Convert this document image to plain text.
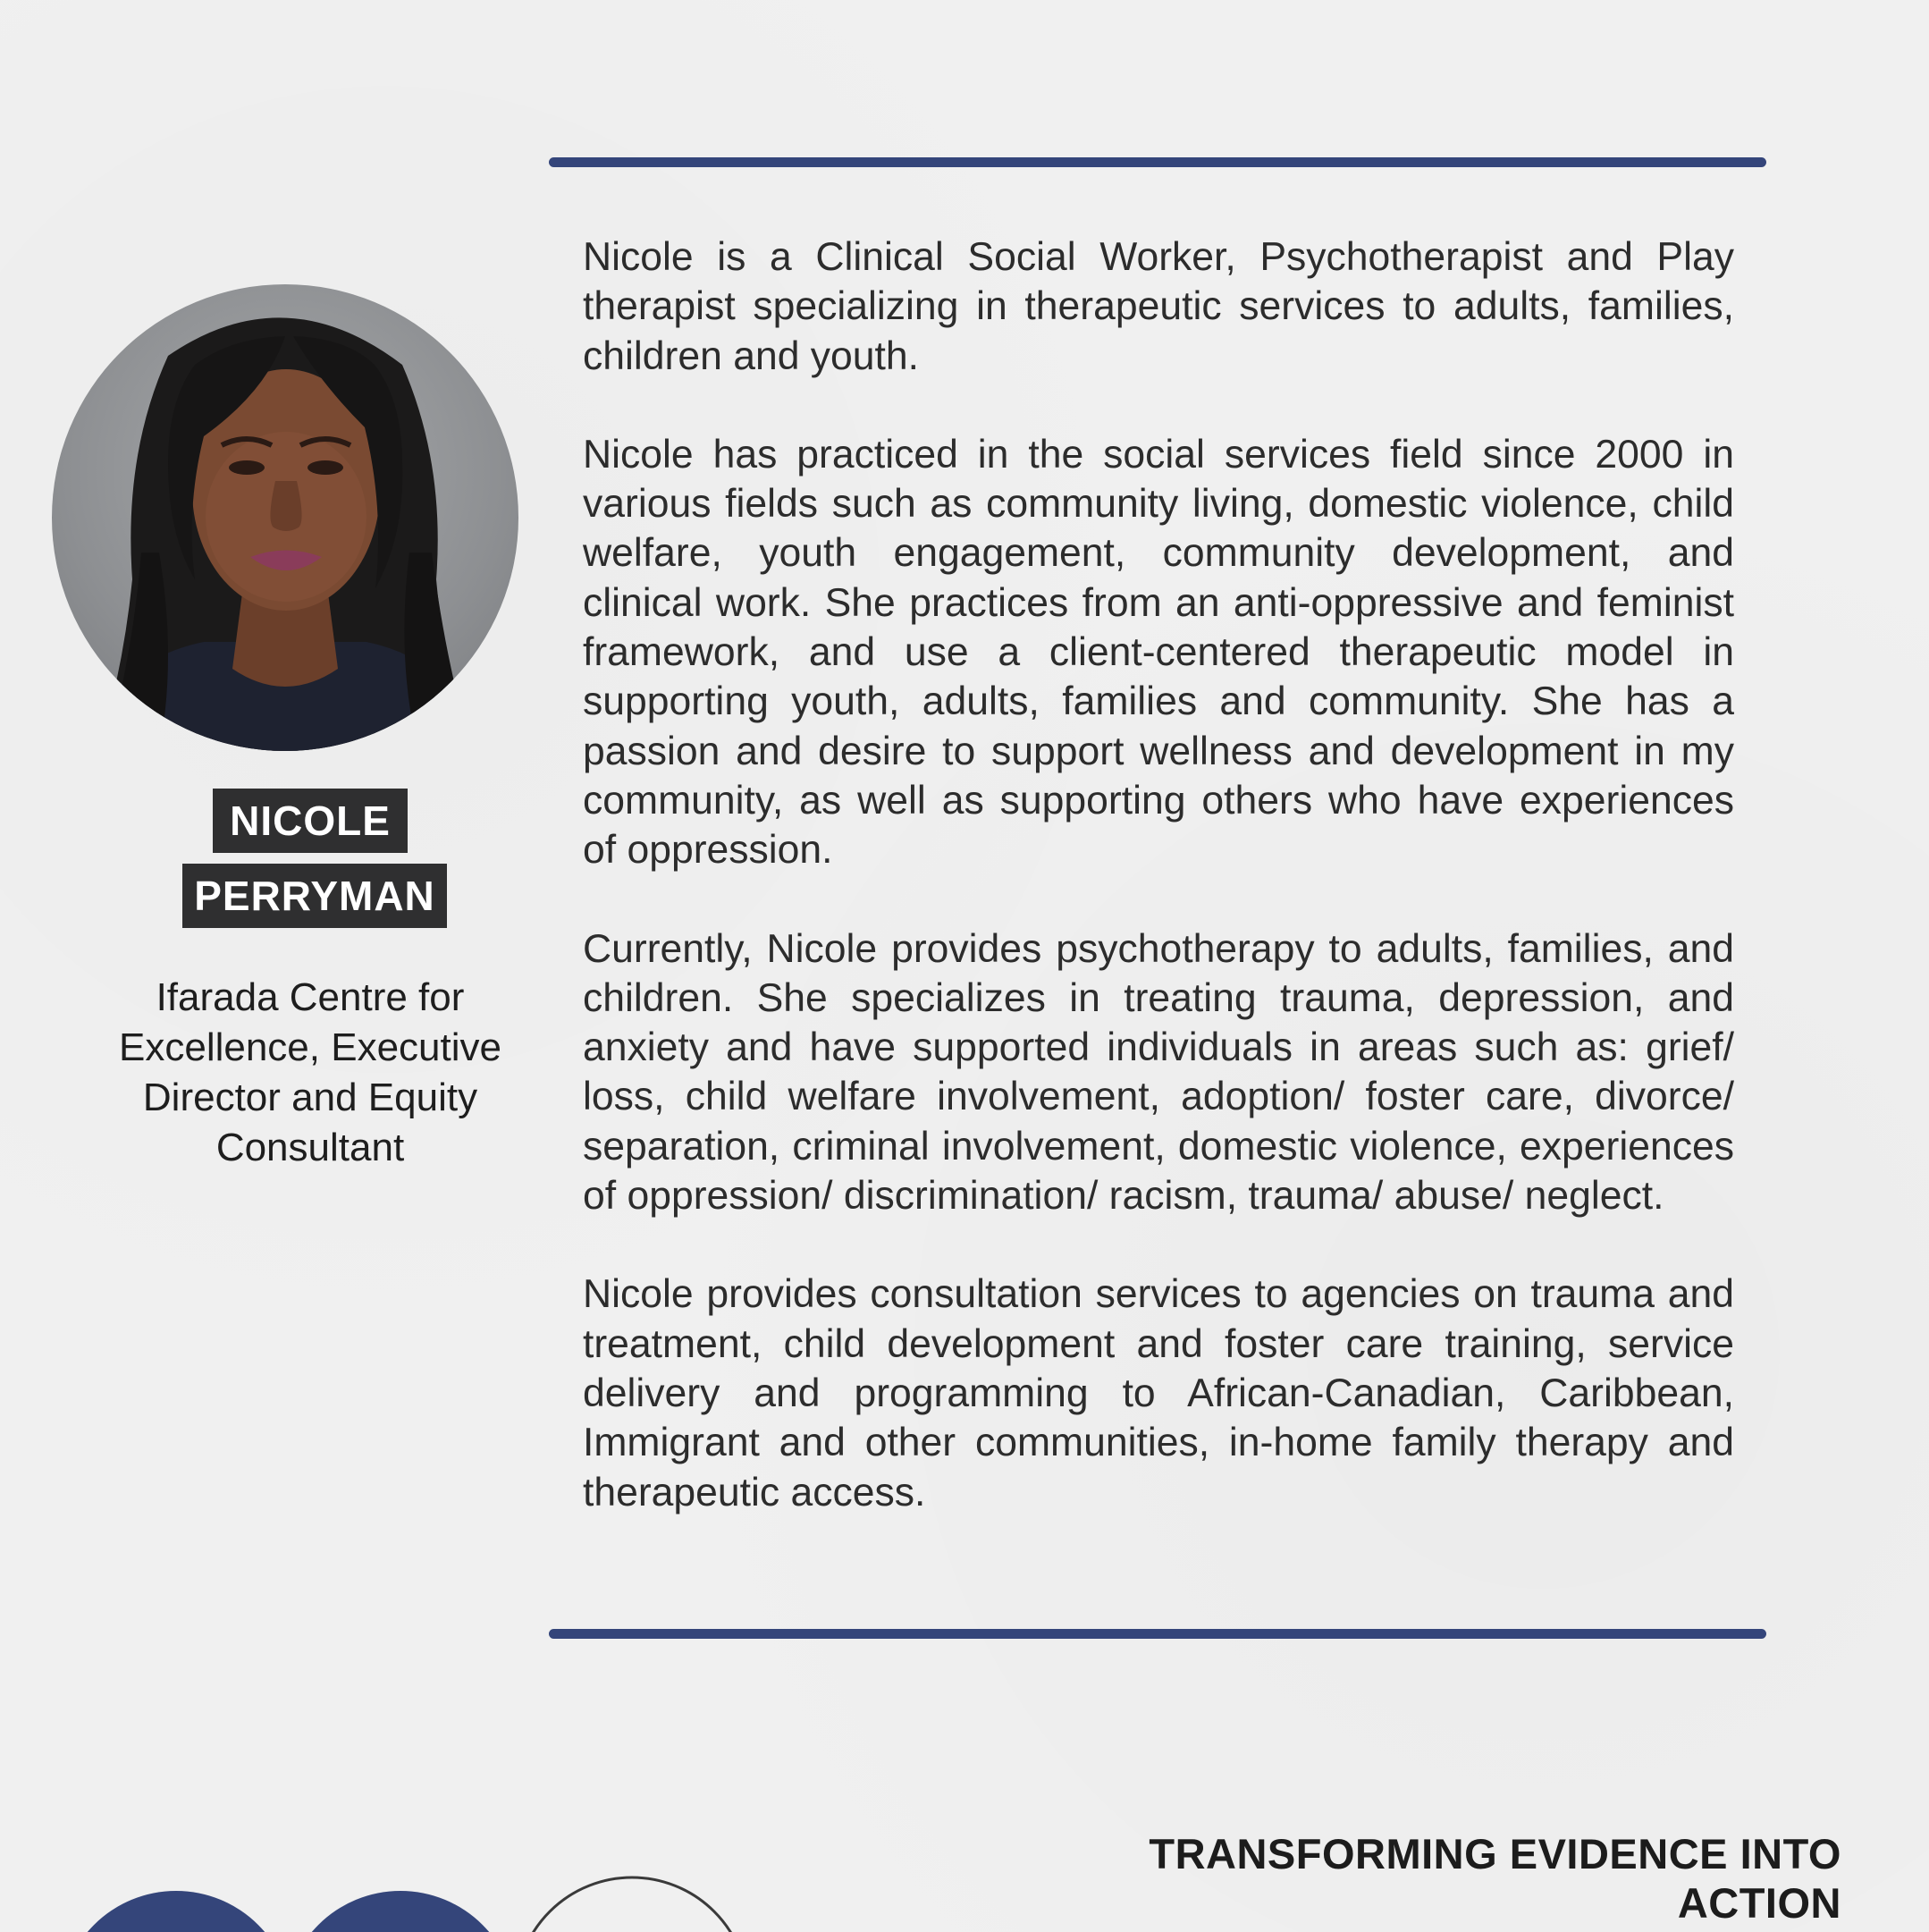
NICOLE
PERRYMAN
Ifarada Centre for Excellence, Executive Director and Equity Consultant

Nicole is a Clinical Social Worker, Psychotherapist and Play therapist specializing in therapeutic services to adults, families, children and youth.

Nicole has practiced in the social services field since 2000 in various fields such as community living, domestic violence, child welfare, youth engagement, community development, and clinical work. She practices from an anti-oppressive and feminist framework, and use a client-centered therapeutic model in supporting youth, adults, families and community. She has a passion and desire to support wellness and development in my community, as well as supporting others who have experiences of oppression.

Currently, Nicole provides psychotherapy to adults, families, and children. She specializes in treating trauma, depression, and anxiety and have supported individuals in areas such as: grief/ loss, child welfare involvement, adoption/ foster care, divorce/ separation, criminal involvement, domestic violence, experiences of oppression/ discrimination/ racism, trauma/ abuse/ neglect.

Nicole provides consultation services to agencies on trauma and treatment, child development and foster care training, service delivery and programming to African-Canadian, Caribbean, Immigrant and other communities, in-home family therapy and therapeutic access.

TRANSFORMING EVIDENCE INTO ACTION
